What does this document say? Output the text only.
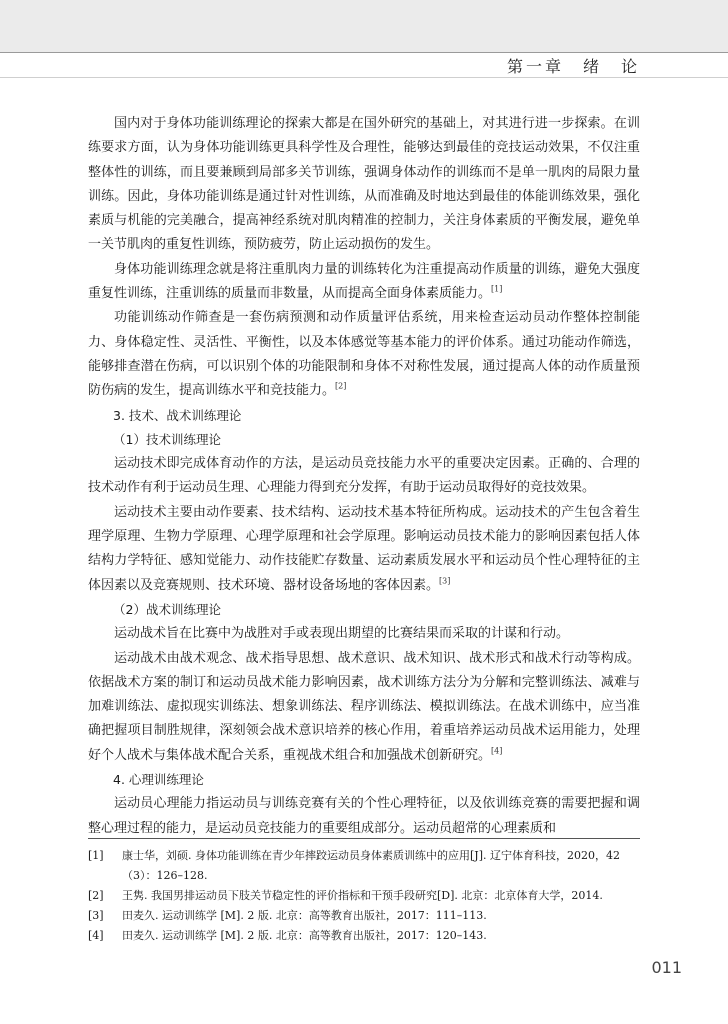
第一章　绪　论

国内对于身体功能训练理论的探索大都是在国外研究的基础上，对其进行进一步探索。在训练要求方面，认为身体功能训练更具科学性及合理性，能够达到最佳的竞技运动效果，不仅注重整体性的训练，而且要兼顾到局部多关节训练，强调身体动作的训练而不是单一肌肉的局限力量训练。因此，身体功能训练是通过针对性训练，从而准确及时地达到最佳的体能训练效果，强化素质与机能的完美融合，提高神经系统对肌肉精准的控制力，关注身体素质的平衡发展，避免单一关节肌肉的重复性训练，预防疲劳，防止运动损伤的发生。

身体功能训练理念就是将注重肌肉力量的训练转化为注重提高动作质量的训练，避免大强度重复性训练，注重训练的质量而非数量，从而提高全面身体素质能力。[1]

功能训练动作筛查是一套伤病预测和动作质量评估系统，用来检查运动员动作整体控制能力、身体稳定性、灵活性、平衡性，以及本体感觉等基本能力的评价体系。通过功能动作筛选，能够排查潜在伤病，可以识别个体的功能限制和身体不对称性发展，通过提高人体的动作质量预防伤病的发生，提高训练水平和竞技能力。[2]

3. 技术、战术训练理论

（1）技术训练理论

运动技术即完成体育动作的方法，是运动员竞技能力水平的重要决定因素。正确的、合理的技术动作有利于运动员生理、心理能力得到充分发挥，有助于运动员取得好的竞技效果。

运动技术主要由动作要素、技术结构、运动技术基本特征所构成。运动技术的产生包含着生理学原理、生物力学原理、心理学原理和社会学原理。影响运动员技术能力的影响因素包括人体结构力学特征、感知觉能力、动作技能贮存数量、运动素质发展水平和运动员个性心理特征的主体因素以及竞赛规则、技术环境、器材设备场地的客体因素。[3]

（2）战术训练理论

运动战术旨在比赛中为战胜对手或表现出期望的比赛结果而采取的计谋和行动。

运动战术由战术观念、战术指导思想、战术意识、战术知识、战术形式和战术行动等构成。依据战术方案的制订和运动员战术能力影响因素，战术训练方法分为分解和完整训练法、减难与加难训练法、虚拟现实训练法、想象训练法、程序训练法、模拟训练法。在战术训练中，应当准确把握项目制胜规律，深刻领会战术意识培养的核心作用，着重培养运动员战术运用能力，处理好个人战术与集体战术配合关系，重视战术组合和加强战术创新研究。[4]

4. 心理训练理论

运动员心理能力指运动员与训练竞赛有关的个性心理特征，以及依训练竞赛的需要把握和调整心理过程的能力，是运动员竞技能力的重要组成部分。运动员超常的心理素质和

[1]	康士华，刘硕. 身体功能训练在青少年摔跤运动员身体素质训练中的应用[J]. 辽宁体育科技，2020，42（3）：126–128.
[2]	王隽. 我国男排运动员下肢关节稳定性的评价指标和干预手段研究[D]. 北京：北京体育大学，2014.
[3]	田麦久. 运动训练学 [M]. 2 版. 北京：高等教育出版社，2017：111–113.
[4]	田麦久. 运动训练学 [M]. 2 版. 北京：高等教育出版社，2017：120–143.
011
